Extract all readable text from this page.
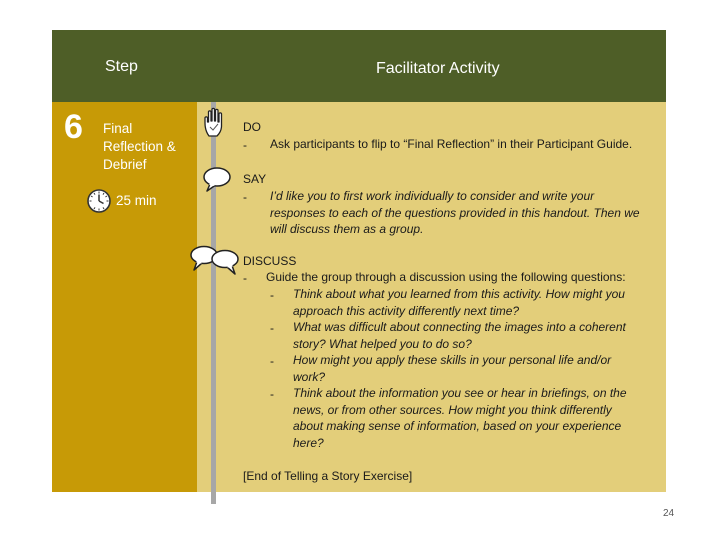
Step	Facilitator Activity
6 Final
Reflection &
Debrief
25 min
DO
- Ask participants to flip to “Final Reflection” in their Participant Guide.
SAY
- I’d like you to first work individually to consider and write your
responses to each of the questions provided in this handout. Then we
will discuss them as a group.
DISCUSS
- Guide the group through a discussion using the following questions:
- Think about what you learned from this activity. How might you
approach this activity differently next time?
- What was difficult about connecting the images into a coherent
story? What helped you to do so?
- How might you apply these skills in your personal life and/or
work?
- Think about the information you see or hear in briefings, on the
news, or from other sources. How might you think differently
about making sense of information, based on your experience
here?
[End of Telling a Story Exercise]
24
